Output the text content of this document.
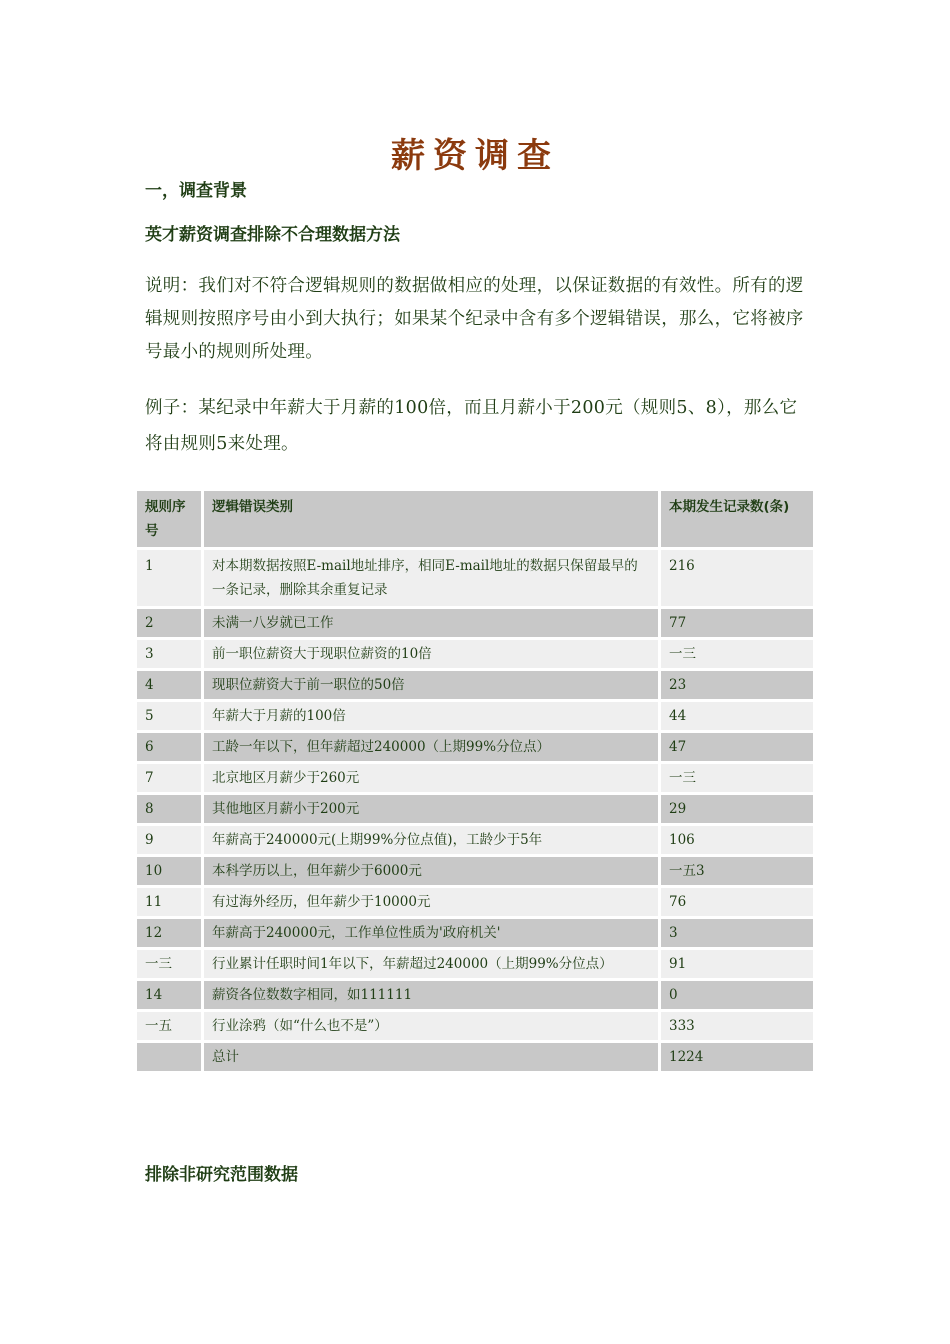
薪资调查
一，调查背景
英才薪资调查排除不合理数据方法
说明：我们对不符合逻辑规则的数据做相应的处理，以保证数据的有效性。所有的逻辑规则按照序号由小到大执行；如果某个纪录中含有多个逻辑错误，那么，它将被序号最小的规则所处理。
例子：某纪录中年薪大于月薪的100倍，而且月薪小于200元（规则5、8），那么它将由规则5来处理。
规则序号	逻辑错误类别	本期发生记录数(条)
1	对本期数据按照E-mail地址排序，相同E-mail地址的数据只保留最早的一条记录，删除其余重复记录	216
2	未满一八岁就已工作	77
3	前一职位薪资大于现职位薪资的10倍	一三
4	现职位薪资大于前一职位的50倍	23
5	年薪大于月薪的100倍	44
6	工龄一年以下，但年薪超过240000（上期99%分位点）	47
7	北京地区月薪少于260元	一三
8	其他地区月薪小于200元	29
9	年薪高于240000元(上期99%分位点值)，工龄少于5年	106
10	本科学历以上，但年薪少于6000元	一五3
11	有过海外经历，但年薪少于10000元	76
12	年薪高于240000元，工作单位性质为'政府机关'	3
一三	行业累计任职时间1年以下，年薪超过240000（上期99%分位点）	91
14	薪资各位数数字相同，如111111	0
一五	行业涂鸦（如“什么也不是”）	333
	总计	1224
排除非研究范围数据
